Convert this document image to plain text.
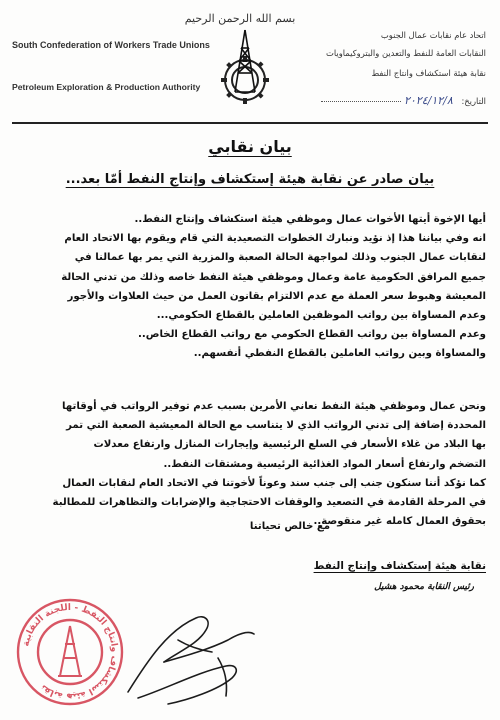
بسم الله الرحمن الرحيم
South Confederation of Workers Trade Unions
Petroleum Exploration & Production Authority
اتحاد عام نقابات عمال الجنوب
النقابات العامة للنفط والتعدين والبتروكيماويات
نقابة هيئة استكشاف وانتاج النفط
التاريخ: ٢٠٢٤/١٢/٨
بيان نقابي
بيان صادر عن نقابة هيئة إستكشاف وإنتاج النفط أمّا بعد...
أيها الإخوة أيتها الأخوات عمال وموظفي هيئة استكشاف وإنتاج النفط..
انه وفي بياننا هذا إذ نؤيد ونبارك الخطوات التصعيدية التي قام ويقوم بها الاتحاد العام
لنقابات عمال الجنوب وذلك لمواجهة الحالة الصعبة والمزرية التي يمر بها عمالنا في
جميع المرافق الحكومية عامة وعمال وموظفي هيئة النفط خاصه وذلك من تدني الحالة
المعيشة وهبوط سعر العملة مع عدم الالتزام بقانون العمل من حيث العلاوات والأجور
وعدم المساواة بين رواتب الموظفين العاملين بالقطاع الحكومي...
وعدم المساواة بين رواتب القطاع الحكومي مع رواتب القطاع الخاص..
والمساواة وبين رواتب العاملين بالقطاع النفطي أنفسهم..
ونحن عمال وموظفي هيئة النفط نعاني الأمرين بسبب عدم توفير الرواتب في أوقاتها
المحددة إضافة إلى تدني الرواتب الذي لا يتناسب مع الحالة المعيشية الصعبة التي تمر
بها البلاد من غلاء الأسعار في السلع الرئيسية وإيجارات المنازل وارتفاع معدلات
التضخم وارتفاع أسعار المواد الغذائية الرئيسية ومشتقات النفط..
كما نؤكد أننا سنكون جنب إلى جنب سند وعوناً لأخوتنا في الاتحاد العام لنقابات العمال
في المرحلة القادمة في التصعيد والوقفات الاحتجاجية والإضرابات والتظاهرات للمطالبة
بحقوق العمال كامله غير منقوصة..
مع خالص تحياتنا
نقابة هيئة إستكشاف وإنتاج النفط
رئيس النقابة محمود هشيل
نقابة هيئة استكشاف وانتاج النفط - اللجنة النقابية
